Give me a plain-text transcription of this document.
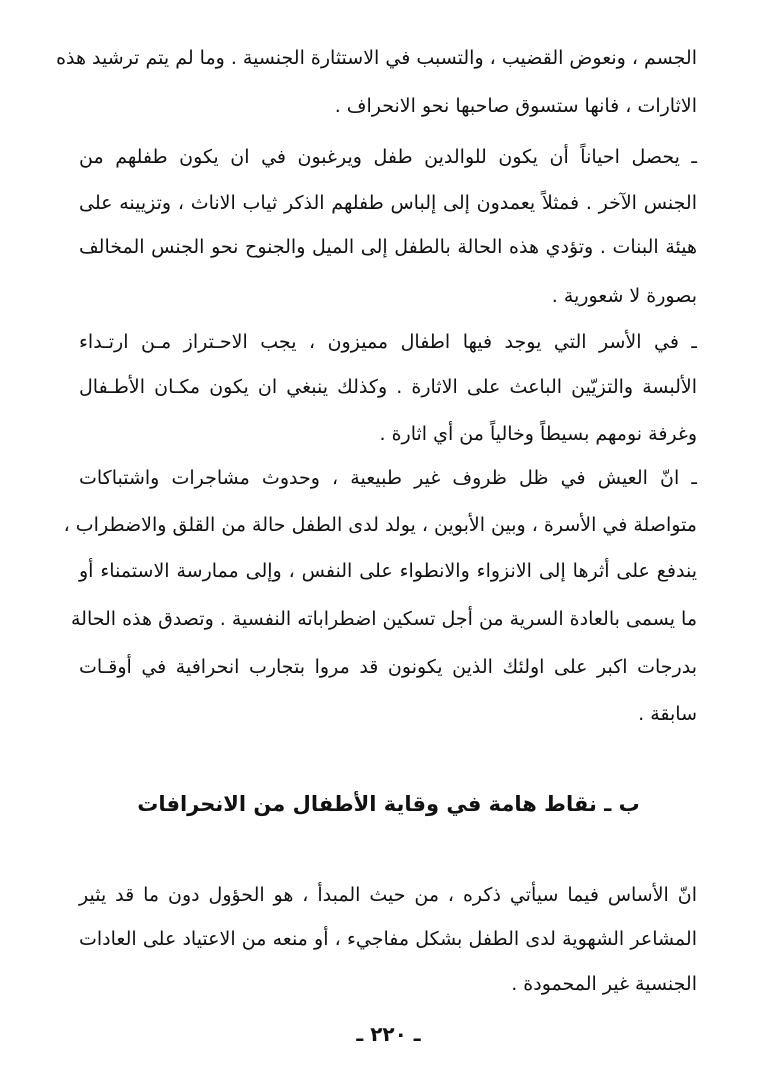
الجسم ، ونعوض القضيب ، والتسبب في الاستثارة الجنسية . وما لم يتم ترشيد هذه
الاثارات ، فانها ستسوق صاحبها نحو الانحراف .
ـ يحصل احياناً أن يكون للوالدين طفل ويرغبون في ان يكون طفلهم من
الجنس الآخر . فمثلاً يعمدون إلى إلباس طفلهم الذكر ثياب الاناث ، وتزيينه على
هيئة البنات . وتؤدي هذه الحالة بالطفل إلى الميل والجنوح نحو الجنس المخالف
بصورة لا شعورية .
ـ في الأسر التي يوجد فيها اطفال مميزون ، يجب الاحـتراز مـن ارتـداء
الألبسة والتزيّين الباعث على الاثارة . وكذلك ينبغي ان يكون مكـان الأطـفال
وغرفة نومهم بسيطاً وخالياً من أي اثارة .
ـ انّ العيش في ظل ظروف غير طبيعية ، وحدوث مشاجرات واشتباكات
متواصلة في الأسرة ، وبين الأبوين ، يولد لدى الطفل حالة من القلق والاضطراب ،
يندفع على أثرها إلى الانزواء والانطواء على النفس ، وإلى ممارسة الاستمناء أو
ما يسمى بالعادة السرية من أجل تسكين اضطراباته النفسية . وتصدق هذه الحالة
بدرجات اكبر على اولئك الذين يكونون قد مروا بتجارب انحرافية في أوقـات
سابقة .
ب ـ نقاط هامة في وقاية الأطفال من الانحرافات
انّ الأساس فيما سيأتي ذكره ، من حيث المبدأ ، هو الحؤول دون ما قد يثير
المشاعر الشهوية لدى الطفل بشكل مفاجيء ، أو منعه من الاعتياد على العادات
الجنسية غير المحمودة .
ـ ٢٢٠ ـ
